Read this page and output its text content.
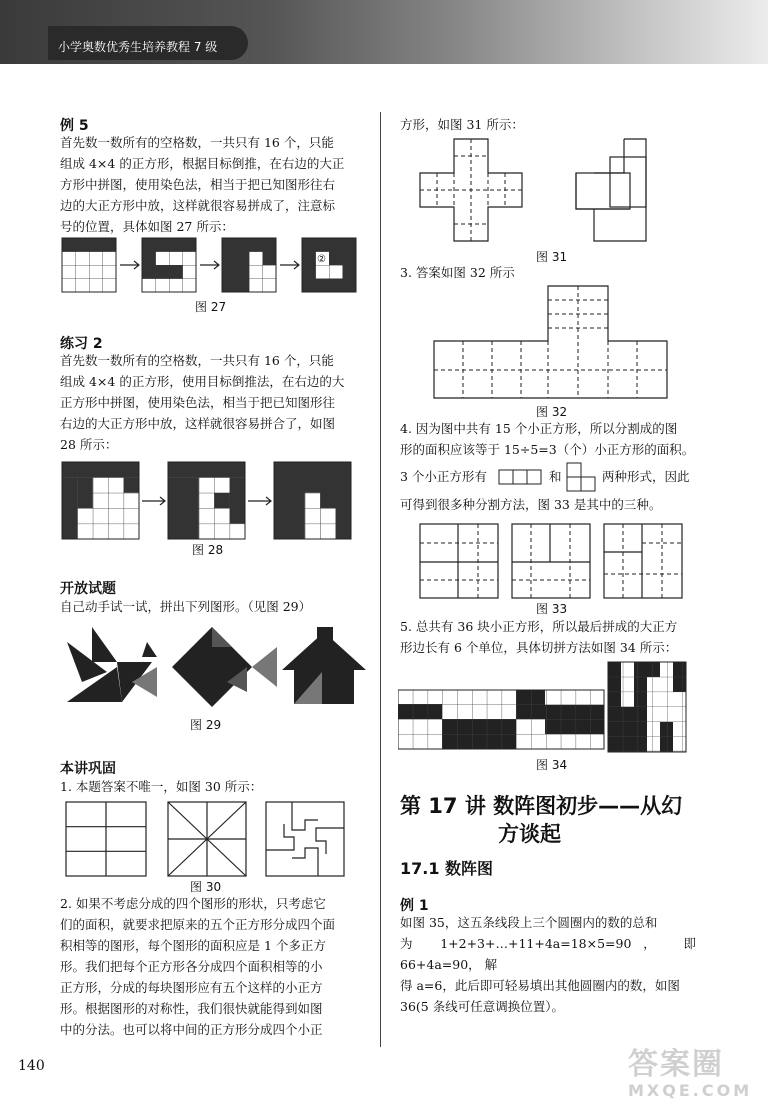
小学奥数优秀生培养教程 7 级
例 5
首先数一数所有的空格数，一共只有 16 个，只能
组成 4×4 的正方形，根据目标倒推，在右边的大正
方形中拼图，使用染色法，相当于把已知图形往右
边的大正方形中放，这样就很容易拼成了，注意标
号的位置，具体如图 27 所示：
②
图 27
练习 2
首先数一数所有的空格数，一共只有 16 个，只能
组成 4×4 的正方形，使用目标倒推法，在右边的大
正方形中拼图，使用染色法，相当于把已知图形往
右边的大正方形中放，这样就很容易拼合了，如图
28 所示：
图 28
开放试题
自己动手试一试，拼出下列图形。（见图 29）
图 29
本讲巩固
1. 本题答案不唯一，如图 30 所示：
图 30
2. 如果不考虑分成的四个图形的形状，只考虑它
们的面积，就要求把原来的五个正方形分成四个面
积相等的图形，每个图形的面积应是 1 个多正方
形。我们把每个正方形各分成四个面积相等的小
正方形，分成的每块图形应有五个这样的小正方
形。根据图形的对称性，我们很快就能得到如图
中的分法。也可以将中间的正方形分成四个小正
方形，如图 31 所示：
图 31
3. 答案如图 32 所示
图 32
4. 因为图中共有 15 个小正方形，所以分割成的图
形的面积应该等于 15÷5=3（个）小正方形的面积。
3 个小正方形有	和	两种形式，因此
可得到很多种分割方法，图 33 是其中的三种。
图 33
5. 总共有 36 块小正方形，所以最后拼成的大正方
形边长有 6 个单位，具体切拼方法如图 34 所示：
图 34
第 17 讲 数阵图初步——从幻
方谈起
17.1 数阵图
例 1
如图 35，这五条线段上三个圆圈内的数的总和
为 1+2+3+…+11+4a=18×5=90， 即 66+4a=90， 解
得 a=6，此后即可轻易填出其他圆圈内的数，如图
36(5 条线可任意调换位置）。
140	答案圈
MXQE.COM
